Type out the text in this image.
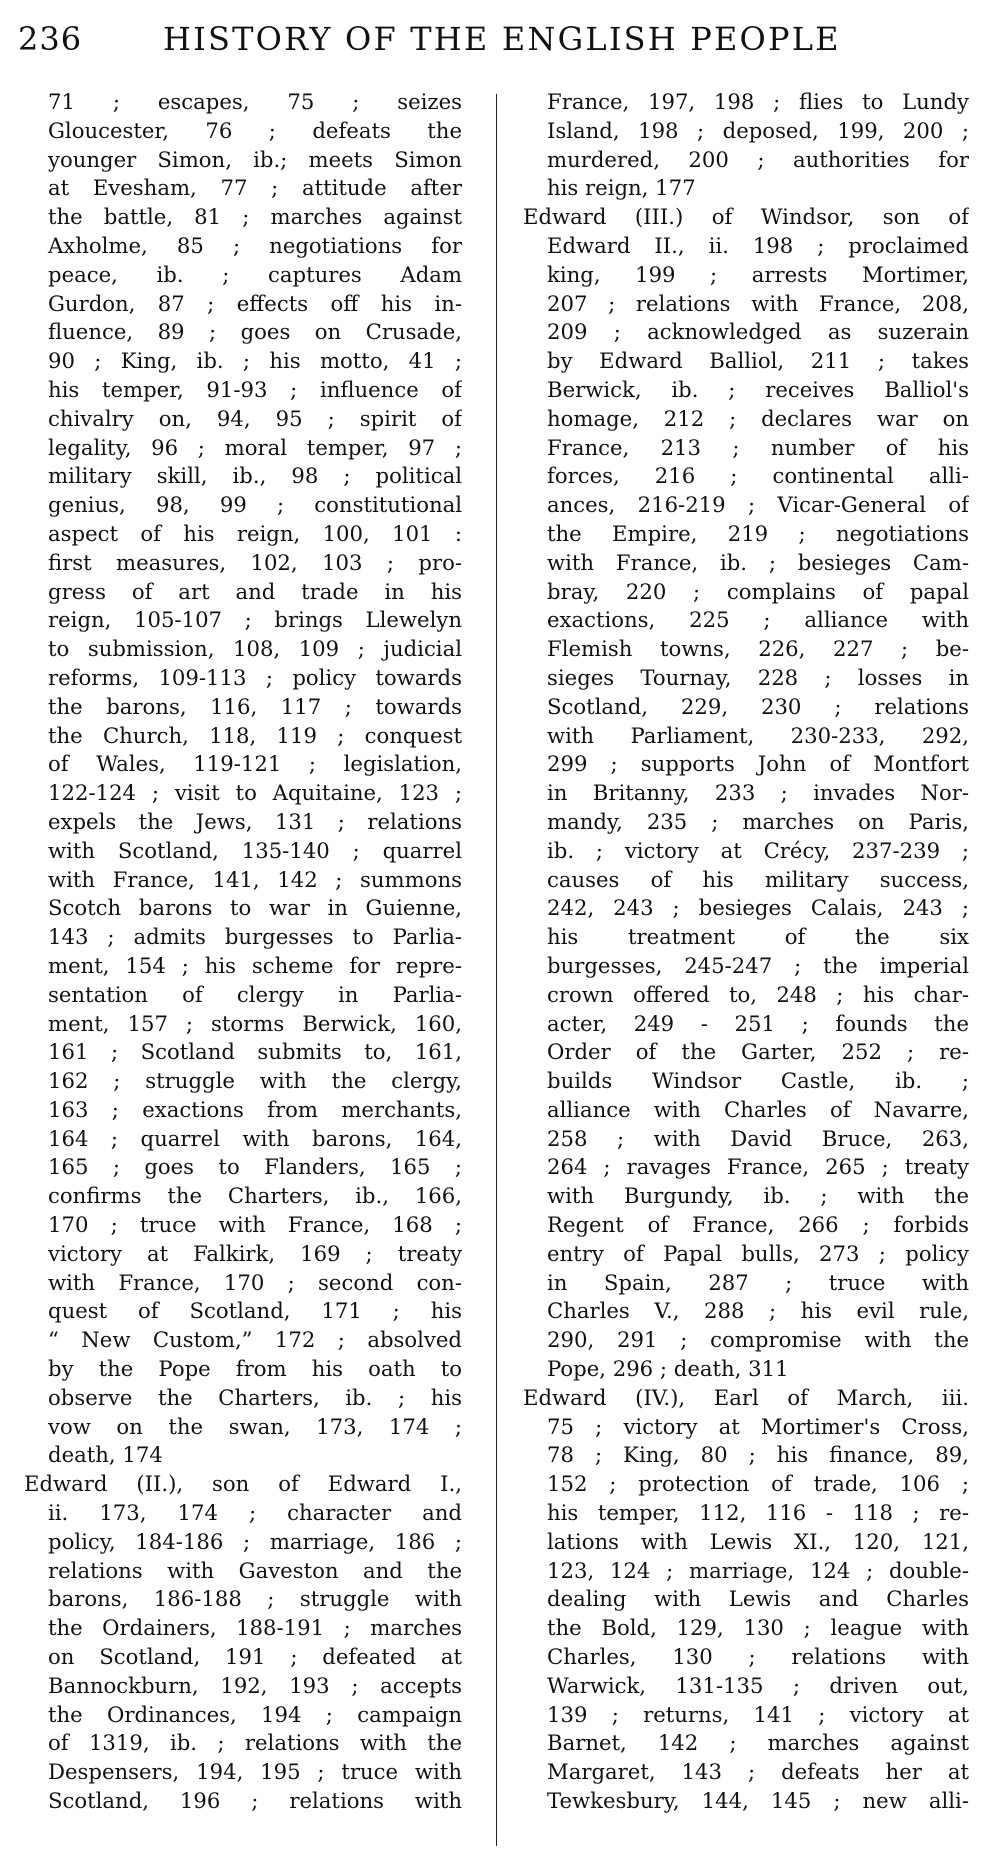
236	HISTORY OF THE ENGLISH PEOPLE
71 ; escapes, 75 ; seizes
Gloucester, 76 ; defeats the
younger Simon, ib.; meets Simon
at Evesham, 77 ; attitude after
the battle, 81 ; marches against
Axholme, 85 ; negotiations for
peace, ib. ; captures Adam
Gurdon, 87 ; effects off his in-
fluence, 89 ; goes on Crusade,
90 ; King, ib. ; his motto, 41 ;
his temper, 91-93 ; influence of
chivalry on, 94, 95 ; spirit of
legality, 96 ; moral temper, 97 ;
military skill, ib., 98 ; political
genius, 98, 99 ; constitutional
aspect of his reign, 100, 101 :
first measures, 102, 103 ; pro-
gress of art and trade in his
reign, 105-107 ; brings Llewelyn
to submission, 108, 109 ; judicial
reforms, 109-113 ; policy towards
the barons, 116, 117 ; towards
the Church, 118, 119 ; conquest
of Wales, 119-121 ; legislation,
122-124 ; visit to Aquitaine, 123 ;
expels the Jews, 131 ; relations
with Scotland, 135-140 ; quarrel
with France, 141, 142 ; summons
Scotch barons to war in Guienne,
143 ; admits burgesses to Parlia-
ment, 154 ; his scheme for repre-
sentation of clergy in Parlia-
ment, 157 ; storms Berwick, 160,
161 ; Scotland submits to, 161,
162 ; struggle with the clergy,
163 ; exactions from merchants,
164 ; quarrel with barons, 164,
165 ; goes to Flanders, 165 ;
confirms the Charters, ib., 166,
170 ; truce with France, 168 ;
victory at Falkirk, 169 ; treaty
with France, 170 ; second con-
quest of Scotland, 171 ; his
“ New Custom,” 172 ; absolved
by the Pope from his oath to
observe the Charters, ib. ; his
vow on the swan, 173, 174 ;
death, 174
Edward (II.), son of Edward I.,
ii. 173, 174 ; character and
policy, 184-186 ; marriage, 186 ;
relations with Gaveston and the
barons, 186-188 ; struggle with
the Ordainers, 188-191 ; marches
on Scotland, 191 ; defeated at
Bannockburn, 192, 193 ; accepts
the Ordinances, 194 ; campaign
of 1319, ib. ; relations with the
Despensers, 194, 195 ; truce with
Scotland, 196 ; relations with
France, 197, 198 ; flies to Lundy
Island, 198 ; deposed, 199, 200 ;
murdered, 200 ; authorities for
his reign, 177
Edward (III.) of Windsor, son of
Edward II., ii. 198 ; proclaimed
king, 199 ; arrests Mortimer,
207 ; relations with France, 208,
209 ; acknowledged as suzerain
by Edward Balliol, 211 ; takes
Berwick, ib. ; receives Balliol's
homage, 212 ; declares war on
France, 213 ; number of his
forces, 216 ; continental alli-
ances, 216-219 ; Vicar-General of
the Empire, 219 ; negotiations
with France, ib. ; besieges Cam-
bray, 220 ; complains of papal
exactions, 225 ; alliance with
Flemish towns, 226, 227 ; be-
sieges Tournay, 228 ; losses in
Scotland, 229, 230 ; relations
with Parliament, 230-233, 292,
299 ; supports John of Montfort
in Britanny, 233 ; invades Nor-
mandy, 235 ; marches on Paris,
ib. ; victory at Crécy, 237-239 ;
causes of his military success,
242, 243 ; besieges Calais, 243 ;
his treatment of the six
burgesses, 245-247 ; the imperial
crown offered to, 248 ; his char-
acter, 249 - 251 ; founds the
Order of the Garter, 252 ; re-
builds Windsor Castle, ib. ;
alliance with Charles of Navarre,
258 ; with David Bruce, 263,
264 ; ravages France, 265 ; treaty
with Burgundy, ib. ; with the
Regent of France, 266 ; forbids
entry of Papal bulls, 273 ; policy
in Spain, 287 ; truce with
Charles V., 288 ; his evil rule,
290, 291 ; compromise with the
Pope, 296 ; death, 311
Edward (IV.), Earl of March, iii.
75 ; victory at Mortimer's Cross,
78 ; King, 80 ; his finance, 89,
152 ; protection of trade, 106 ;
his temper, 112, 116 - 118 ; re-
lations with Lewis XI., 120, 121,
123, 124 ; marriage, 124 ; double-
dealing with Lewis and Charles
the Bold, 129, 130 ; league with
Charles, 130 ; relations with
Warwick, 131-135 ; driven out,
139 ; returns, 141 ; victory at
Barnet, 142 ; marches against
Margaret, 143 ; defeats her at
Tewkesbury, 144, 145 ; new alli-
